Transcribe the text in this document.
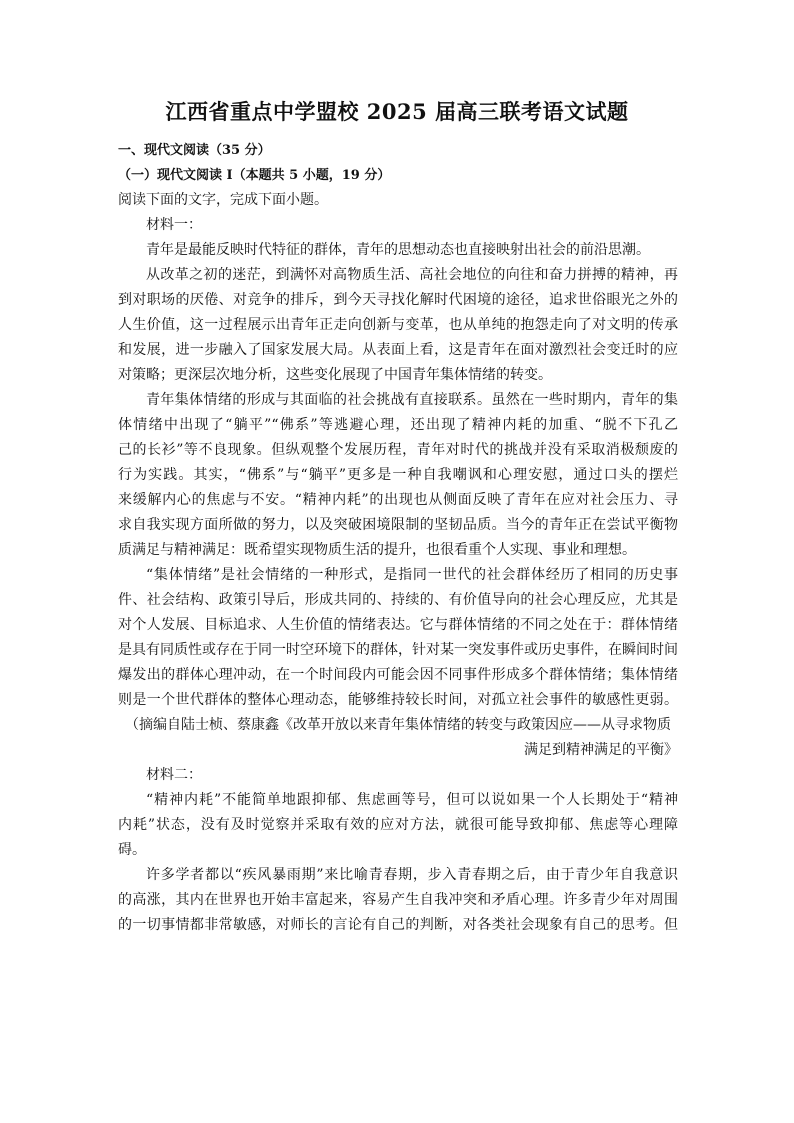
江西省重点中学盟校 2025 届高三联考语文试题
一、现代文阅读（35 分）
（一）现代文阅读 I（本题共 5 小题，19 分）
阅读下面的文字，完成下面小题。
材料一：
青年是最能反映时代特征的群体，青年的思想动态也直接映射出社会的前沿思潮。
从改革之初的迷茫，到满怀对高物质生活、高社会地位的向往和奋力拼搏的精神，再
到对职场的厌倦、对竞争的排斥，到今天寻找化解时代困境的途径，追求世俗眼光之外的
人生价值，这一过程展示出青年正走向创新与变革，也从单纯的抱怨走向了对文明的传承
和发展，进一步融入了国家发展大局。从表面上看，这是青年在面对激烈社会变迁时的应
对策略；更深层次地分析，这些变化展现了中国青年集体情绪的转变。
青年集体情绪的形成与其面临的社会挑战有直接联系。虽然在一些时期内，青年的集
体情绪中出现了“躺平”“佛系”等逃避心理，还出现了精神内耗的加重、“脱不下孔乙
己的长衫”等不良现象。但纵观整个发展历程，青年对时代的挑战并没有采取消极颓废的
行为实践。其实，“佛系”与“躺平”更多是一种自我嘲讽和心理安慰，通过口头的摆烂
来缓解内心的焦虑与不安。“精神内耗”的出现也从侧面反映了青年在应对社会压力、寻
求自我实现方面所做的努力，以及突破困境限制的坚韧品质。当今的青年正在尝试平衡物
质满足与精神满足：既希望实现物质生活的提升，也很看重个人实现、事业和理想。
“集体情绪”是社会情绪的一种形式，是指同一世代的社会群体经历了相同的历史事
件、社会结构、政策引导后，形成共同的、持续的、有价值导向的社会心理反应，尤其是
对个人发展、目标追求、人生价值的情绪表达。它与群体情绪的不同之处在于：群体情绪
是具有同质性或存在于同一时空环境下的群体，针对某一突发事件或历史事件，在瞬间时间
爆发出的群体心理冲动，在一个时间段内可能会因不同事件形成多个群体情绪；集体情绪
则是一个世代群体的整体心理动态，能够维持较长时间，对孤立社会事件的敏感性更弱。
（摘编自陆士桢、蔡康鑫《改革开放以来青年集体情绪的转变与政策因应——从寻求物质
满足到精神满足的平衡》
材料二：
“精神内耗”不能简单地跟抑郁、焦虑画等号，但可以说如果一个人长期处于“精神
内耗”状态，没有及时觉察并采取有效的应对方法，就很可能导致抑郁、焦虑等心理障
碍。
许多学者都以“疾风暴雨期”来比喻青春期，步入青春期之后，由于青少年自我意识
的高涨，其内在世界也开始丰富起来，容易产生自我冲突和矛盾心理。许多青少年对周围
的一切事情都非常敏感，对师长的言论有自己的判断，对各类社会现象有自己的思考。但
